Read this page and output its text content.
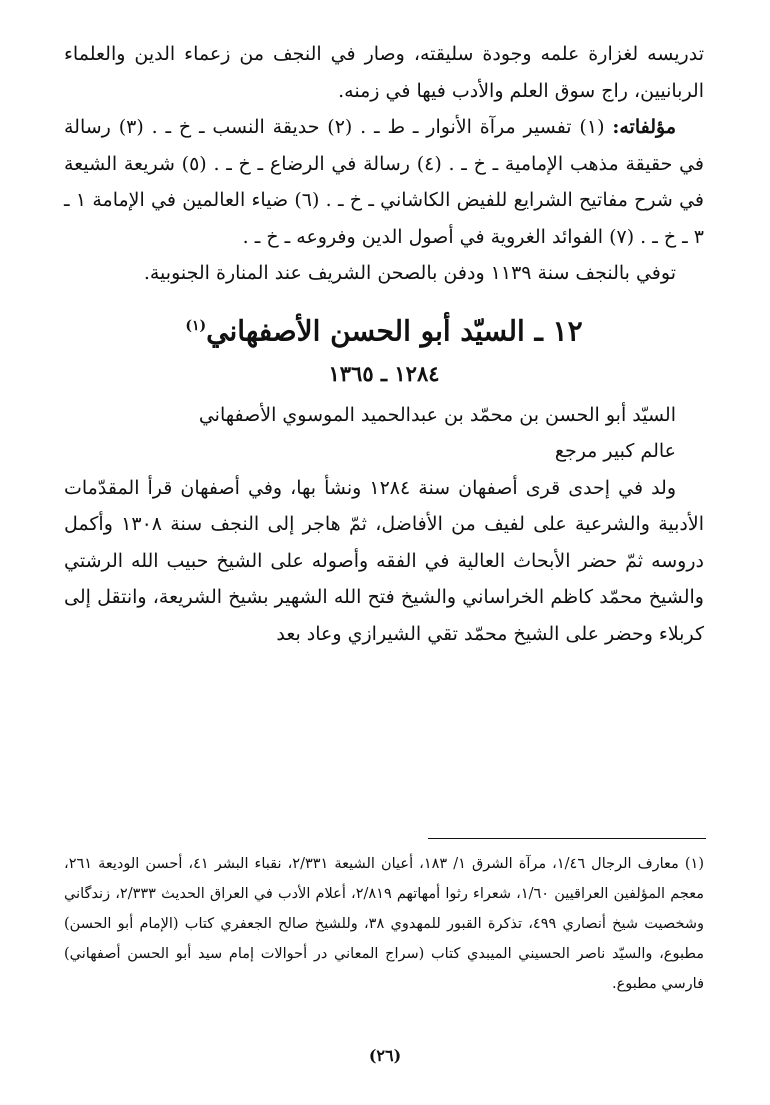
تدريسه لغزارة علمه وجودة سليقته، وصار في النجف من زعماء الدين والعلماء الربانيين، راج سوق العلم والأدب فيها في زمنه.

مؤلفاته: (١) تفسير مرآة الأنوار ـ ط ـ . (٢) حديقة النسب ـ خ ـ . (٣) رسالة في حقيقة مذهب الإمامية ـ خ ـ . (٤) رسالة في الرضاع ـ خ ـ . (٥) شريعة الشيعة في شرح مفاتيح الشرايع للفيض الكاشاني ـ خ ـ . (٦) ضياء العالمين في الإمامة ١ ـ ٣ ـ خ ـ . (٧) الفوائد الغروية في أصول الدين وفروعه ـ خ ـ .

توفي بالنجف سنة ١١٣٩ ودفن بالصحن الشريف عند المنارة الجنوبية.

١٢ ـ السيّد أبو الحسن الأصفهاني$^{(١)}$
١٢٨٤ ـ ١٣٦٥

السيّد أبو الحسن بن محمّد بن عبدالحميد الموسوي الأصفهاني

عالم كبير مرجع

ولد في إحدى قرى أصفهان سنة ١٢٨٤ ونشأ بها، وفي أصفهان قرأ المقدّمات الأدبية والشرعية على لفيف من الأفاضل، ثمّ هاجر إلى النجف سنة ١٣٠٨ وأكمل دروسه ثمّ حضر الأبحاث العالية في الفقه وأصوله على الشيخ حبيب الله الرشتي والشيخ محمّد كاظم الخراساني والشيخ فتح الله الشهير بشيخ الشريعة، وانتقل إلى كربلاء وحضر على الشيخ محمّد تقي الشيرازي وعاد بعد

(١) معارف الرجال ١/٤٦، مرآة الشرق ١/ ١٨٣، أعيان الشيعة ٢/٣٣١، نقباء البشر ٤١، أحسن الوديعة ٢٦١، معجم المؤلفين العراقيين ١/٦٠، شعراء رثوا أمهاتهم ٢/٨١٩، أعلام الأدب في العراق الحديث ٢/٣٣٣، زندگاني وشخصيت شيخ أنصاري ٤٩٩، تذكرة القبور للمهدوي ٣٨، وللشيخ صالح الجعفري كتاب (الإمام أبو الحسن) مطبوع، والسيّد ناصر الحسيني الميبدي كتاب (سراج المعاني در أحوالات إمام سيد أبو الحسن أصفهاني) فارسي مطبوع.

(٢٦)
